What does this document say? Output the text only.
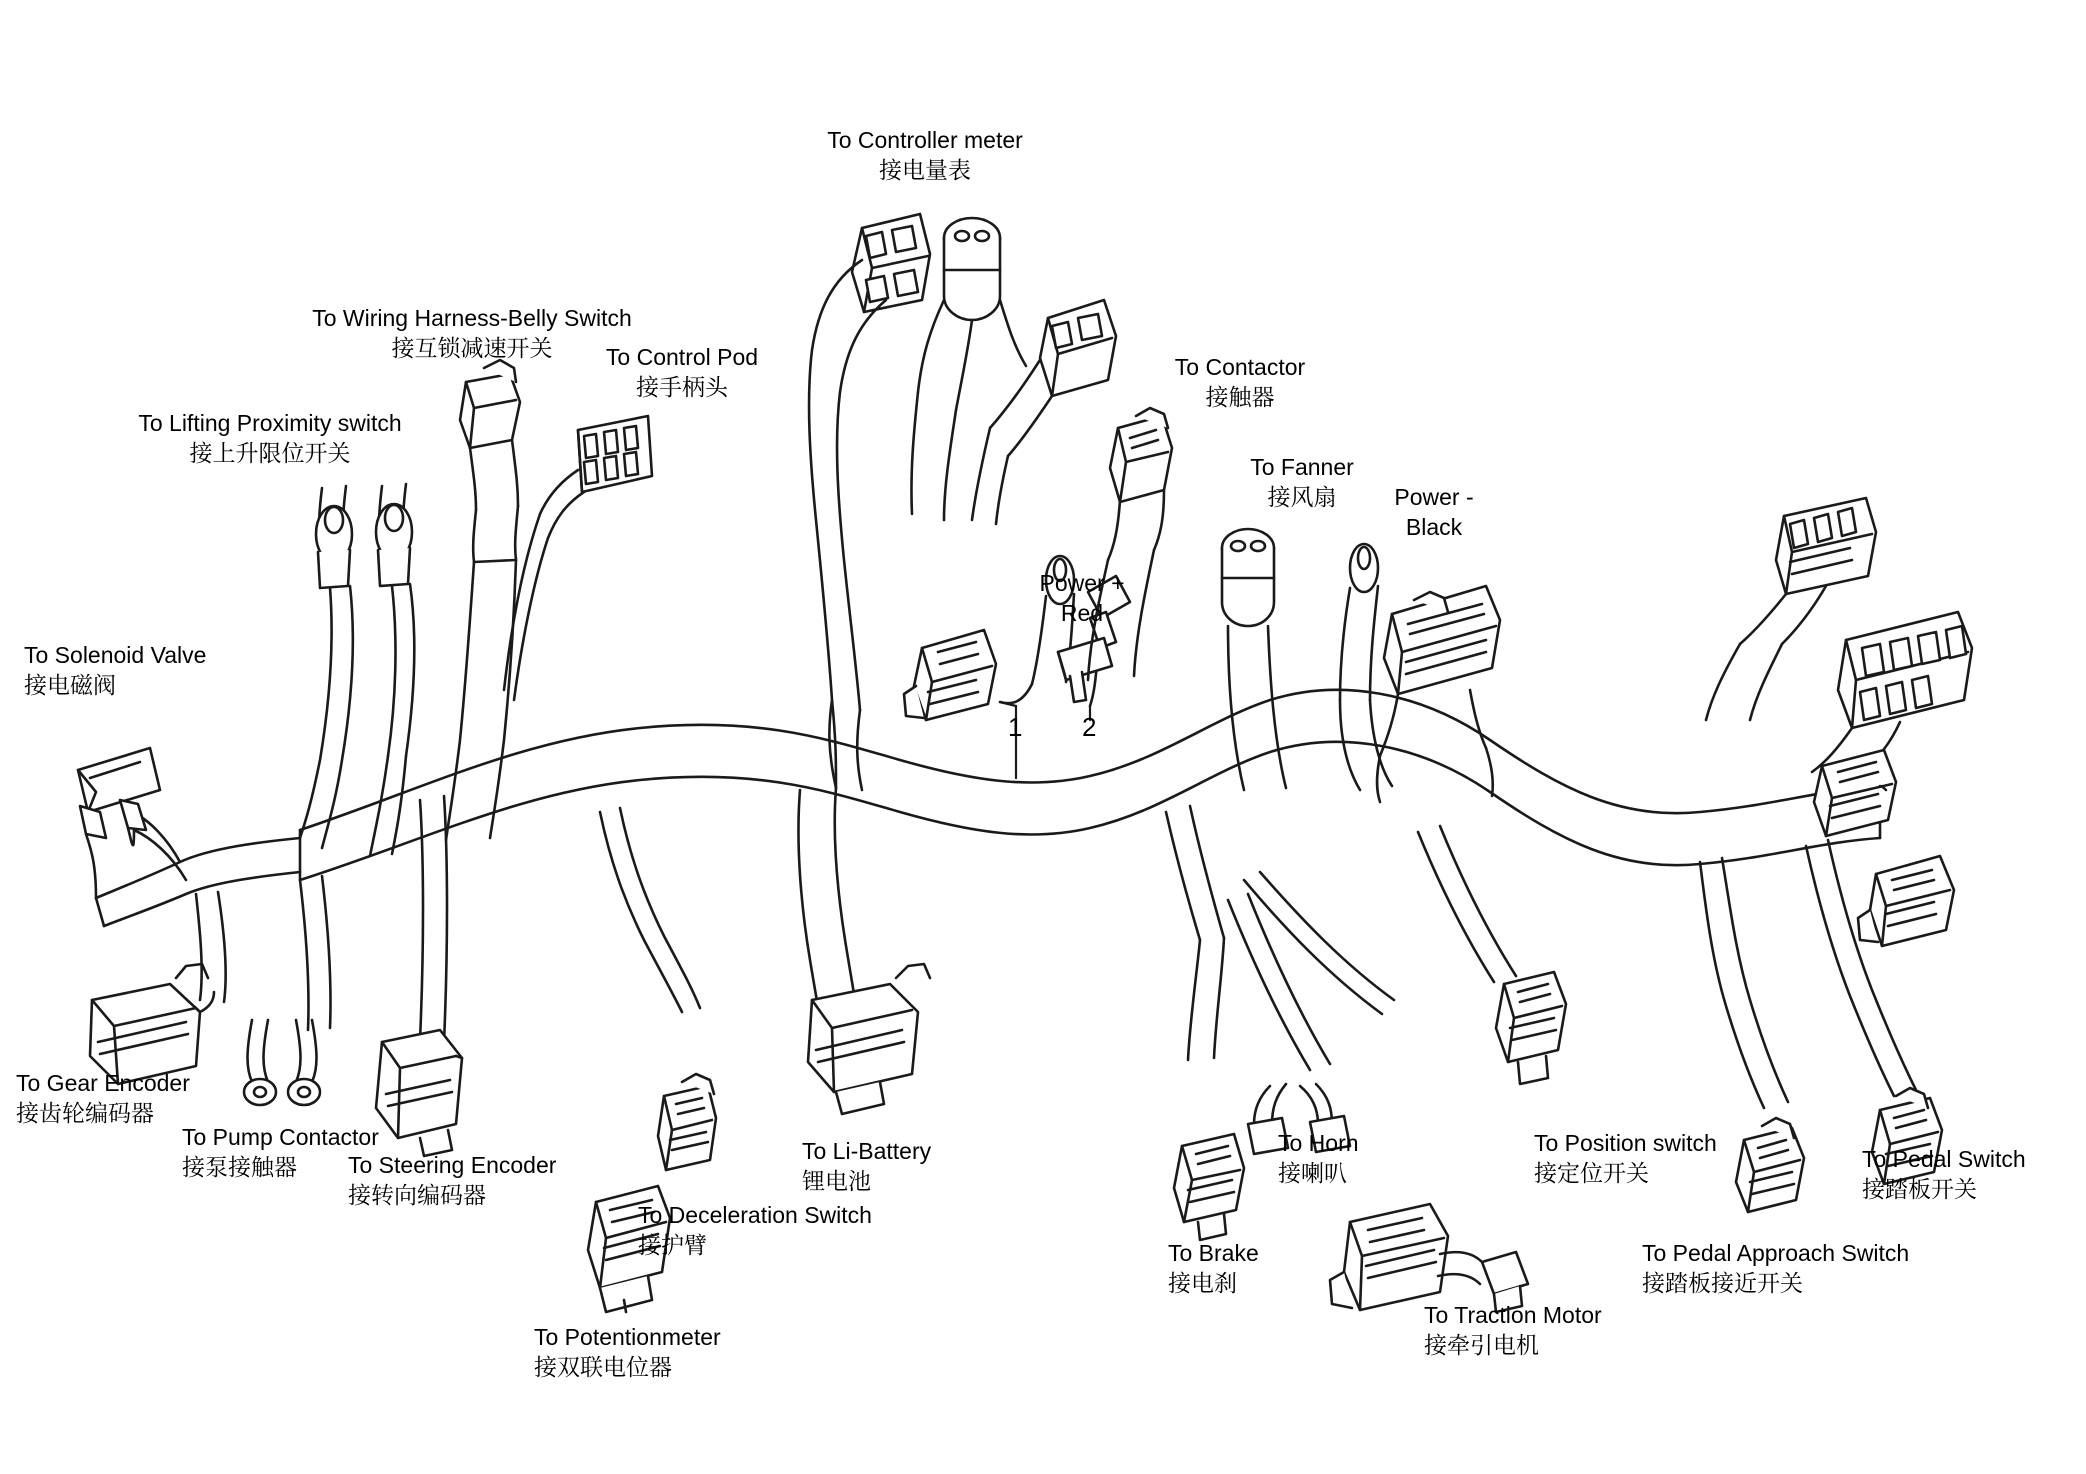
To Controller meter
接电量表
To Wiring Harness-Belly Switch
接互锁减速开关	To Control Pod
接手柄头
To Lifting Proximity switch
接上升限位开关
To Contactor
接触器
To Fanner
接风扇	Power -
Black
Power +
Red
To Solenoid Valve
接电磁阀
To Gear Encoder
接齿轮编码器
To Pump Contactor
接泵接触器	To Steering Encoder
接转向编码器
To Potentionmeter
接双联电位器
To Deceleration Switch
接护臂
To Li-Battery
锂电池
To Brake
接电刹
To Horn
接喇叭
To Traction Motor
接牵引电机
To Position switch
接定位开关
To Pedal Approach Switch
接踏板接近开关
To Pedal Switch
接踏板开关
1 2
